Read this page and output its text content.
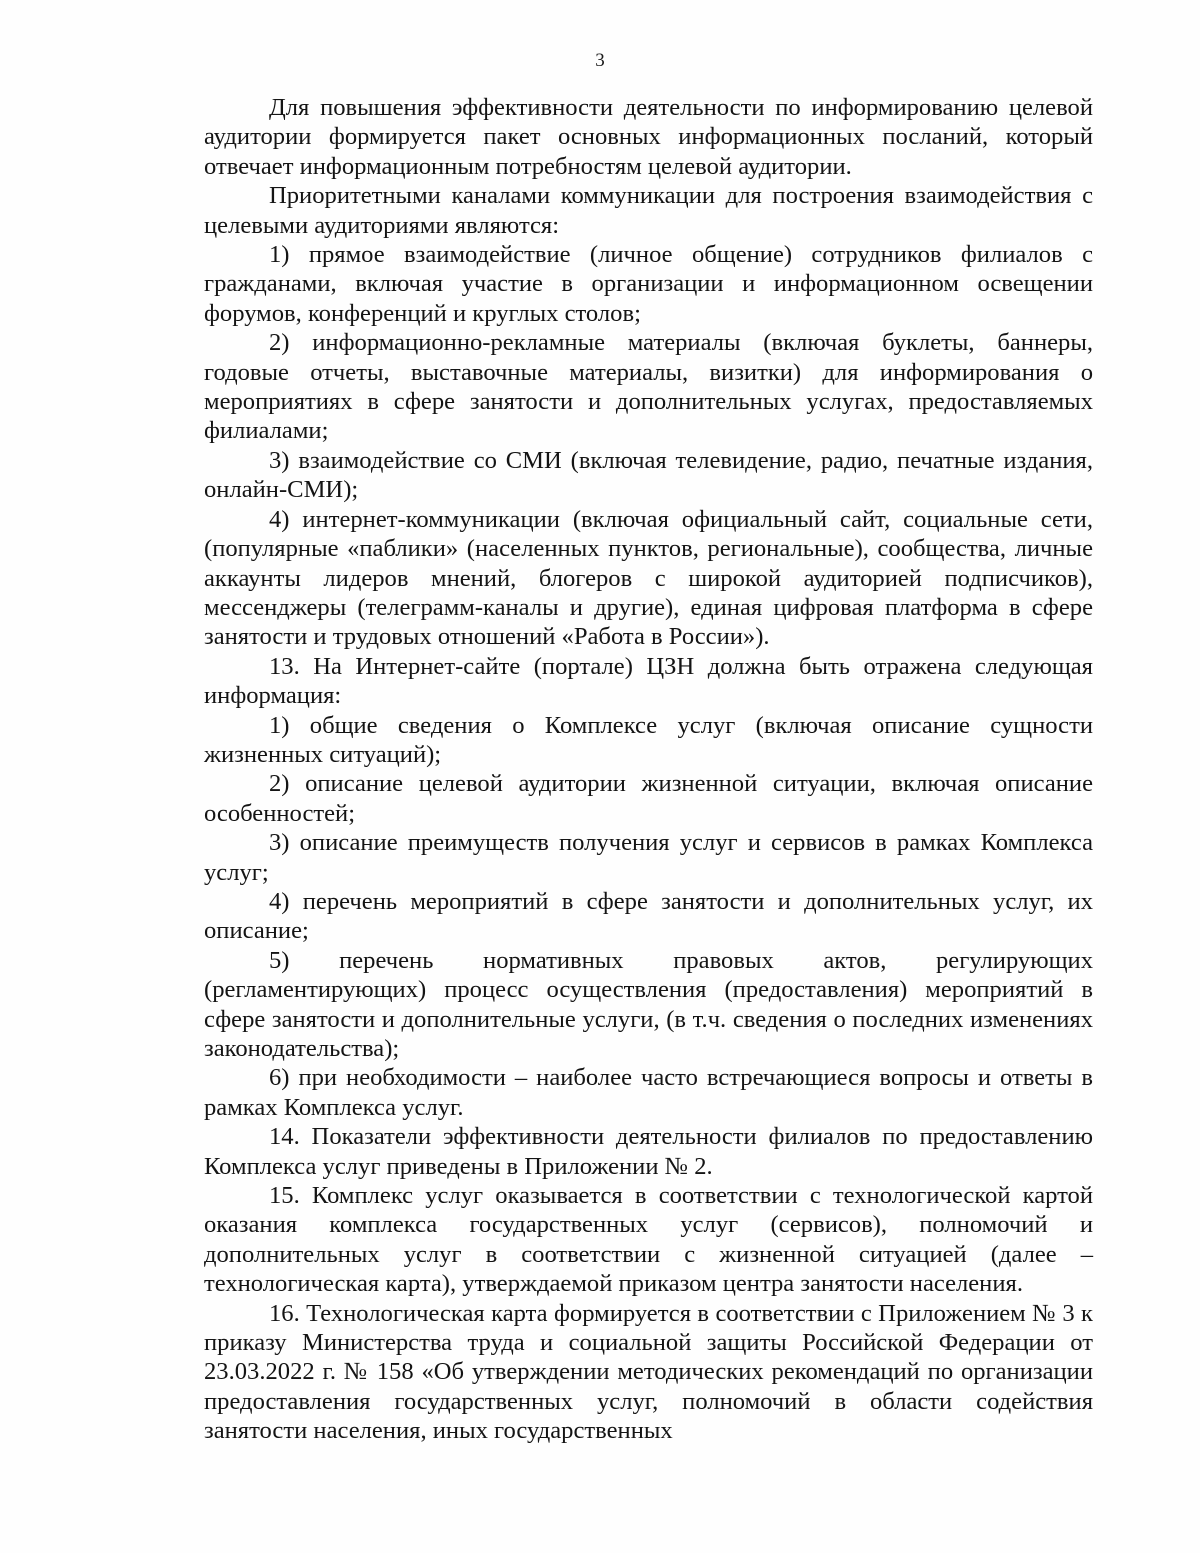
3

Для повышения эффективности деятельности по информированию целевой аудитории формируется пакет основных информационных посланий, который отвечает информационным потребностям целевой аудитории.

Приоритетными каналами коммуникации для построения взаимодействия с целевыми аудиториями являются:

1) прямое взаимодействие (личное общение) сотрудников филиалов с гражданами, включая участие в организации и информационном освещении форумов, конференций и круглых столов;

2) информационно-рекламные материалы (включая буклеты, баннеры, годовые отчеты, выставочные материалы, визитки) для информирования о мероприятиях в сфере занятости и дополнительных услугах, предоставляемых филиалами;

3) взаимодействие со СМИ (включая телевидение, радио, печатные издания, онлайн-СМИ);

4) интернет-коммуникации (включая официальный сайт, социальные сети, (популярные «паблики» (населенных пунктов, региональные), сообщества, личные аккаунты лидеров мнений, блогеров с широкой аудиторией подписчиков), мессенджеры (телеграмм-каналы и другие), единая цифровая платформа в сфере занятости и трудовых отношений «Работа в России»).

13. На Интернет-сайте (портале) ЦЗН должна быть отражена следующая информация:

1) общие сведения о Комплексе услуг (включая описание сущности жизненных ситуаций);

2) описание целевой аудитории жизненной ситуации, включая описание особенностей;

3) описание преимуществ получения услуг и сервисов в рамках Комплекса услуг;

4) перечень мероприятий в сфере занятости и дополнительных услуг, их описание;

5) перечень нормативных правовых актов, регулирующих (регламентирующих) процесс осуществления (предоставления) мероприятий в сфере занятости и дополнительные услуги, (в т.ч. сведения о последних изменениях законодательства);

6) при необходимости – наиболее часто встречающиеся вопросы и ответы в рамках Комплекса услуг.

14. Показатели эффективности деятельности филиалов по предоставлению Комплекса услуг приведены в Приложении № 2.

15. Комплекс услуг оказывается в соответствии с технологической картой оказания комплекса государственных услуг (сервисов), полномочий и дополнительных услуг в соответствии с жизненной ситуацией (далее – технологическая карта), утверждаемой приказом центра занятости населения.

16. Технологическая карта формируется в соответствии с Приложением № 3 к приказу Министерства труда и социальной защиты Российской Федерации от 23.03.2022 г. № 158 «Об утверждении методических рекомендаций по организации предоставления государственных услуг, полномочий в области содействия занятости населения, иных государственных
